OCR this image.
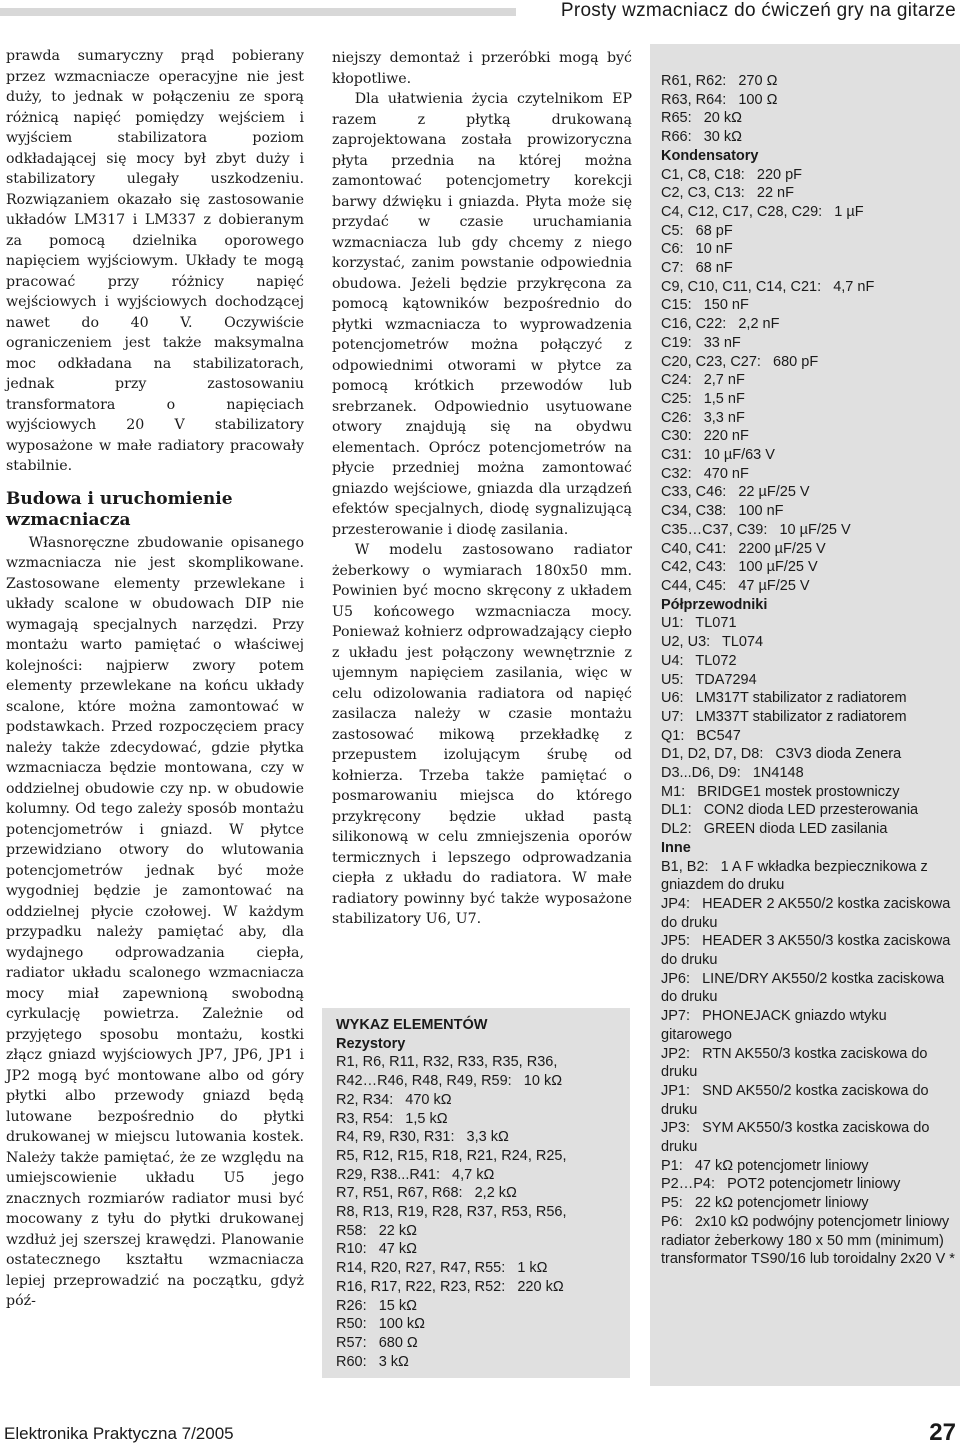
Prosty wzmacniacz do ćwiczeń gry na gitarze

prawda sumaryczny prąd pobierany przez wzmacniacze operacyjne nie jest duży, to jednak w połączeniu ze sporą różnicą napięć pomiędzy wejściem i wyjściem stabilizatora poziom odkładającej się mocy był zbyt duży i stabilizatory ulegały uszkodzeniu. Rozwiązaniem okazało się zastosowanie układów LM317 i LM337 z dobieranym za pomocą dzielnika oporowego napięciem wyjściowym. Układy te mogą pracować przy różnicy napięć wejściowych i wyjściowych dochodzącej nawet do 40 V. Oczywiście ograniczeniem jest także maksymalna moc odkładana na stabilizatorach, jednak przy zastosowaniu transformatora o napięciach wyjściowych 20 V stabilizatory wyposażone w małe radiatory pracowały stabilnie.

Budowa i uruchomienie wzmacniacza

Własnoręczne zbudowanie opisanego wzmacniacza nie jest skomplikowane. Zastosowane elementy przewlekane i układy scalone w obudowach DIP nie wymagają specjalnych narzędzi. Przy montażu warto pamiętać o właściwej kolejności: najpierw zwory potem elementy przewlekane na końcu układy scalone, które można zamontować w podstawkach. Przed rozpoczęciem pracy należy także zdecydować, gdzie płytka wzmacniacza będzie montowana, czy w oddzielnej obudowie czy np. w obudowie kolumny. Od tego zależy sposób montażu potencjometrów i gniazd. W płytce przewidziano otwory do wlutowania potencjometrów jednak być może wygodniej będzie je zamontować na oddzielnej płycie czołowej. W każdym przypadku należy pamiętać aby, dla wydajnego odprowadzania ciepła, radiator układu scalonego wzmacniacza mocy miał zapewnioną swobodną cyrkulację powietrza. Zależnie od przyjętego sposobu montażu, kostki złącz gniazd wyjściowych JP7, JP6, JP1 i JP2 mogą być montowane albo od góry płytki albo przewody gniazd będą lutowane bezpośrednio do płytki drukowanej w miejscu lutowania kostek. Należy także pamiętać, że ze względu na umiejscowienie układu U5 jego znacznych rozmiarów radiator musi być mocowany z tyłu do płytki drukowanej wzdłuż jej szerszej krawędzi. Planowanie ostatecznego kształtu wzmacniacza lepiej przeprowadzić na początku, gdyż póź-

niejszy demontaż i przeróbki mogą być kłopotliwe.

Dla ułatwienia życia czytelnikom EP razem z płytką drukowaną zaprojektowana została prowizoryczna płyta przednia na której można zamontować potencjometry korekcji barwy dźwięku i gniazda. Płyta może się przydać w czasie uruchamiania wzmacniacza lub gdy chcemy z niego korzystać, zanim powstanie odpowiednia obudowa. Jeżeli będzie przykręcona za pomocą kątowników bezpośrednio do płytki wzmacniacza to wyprowadzenia potencjometrów można połączyć z odpowiednimi otworami w płytce za pomocą krótkich przewodów lub srebrzanek. Odpowiednio usytuowane otwory znajdują się na obydwu elementach. Oprócz potencjometrów na płycie przedniej można zamontować gniazdo wejściowe, gniazda dla urządzeń efektów specjalnych, diodę sygnalizującą przesterowanie i diodę zasilania.

W modelu zastosowano radiator żeberkowy o wymiarach 180x50 mm. Powinien być mocno skręcony z układem U5 końcowego wzmacniacza mocy. Ponieważ kołnierz odprowadzający ciepło z układu jest połączony wewnętrznie z ujemnym napięciem zasilania, więc w celu odizolowania radiatora od napięć zasilacza należy w czasie montażu zastosować mikową przekładkę z przepustem izolującym śrubę od kołnierza. Trzeba także pamiętać o posmarowaniu miejsca do którego przykręcony będzie układ pastą silikonową w celu zmniejszenia oporów termicznych i lepszego odprowadzania ciepła z układu do radiatora. W małe radiatory powinny być także wyposażone stabilizatory U6, U7.

WYKAZ ELEMENTÓW
Rezystory
R1, R6, R11, R32, R33, R35, R36,
R42…R46, R48, R49, R59:   10 kΩ
R2, R34:   470 kΩ
R3, R54:   1,5 kΩ
R4, R9, R30, R31:   3,3 kΩ
R5, R12, R15, R18, R21, R24, R25,
R29, R38...R41:   4,7 kΩ
R7, R51, R67, R68:   2,2 kΩ
R8, R13, R19, R28, R37, R53, R56,
R58:   22 kΩ
R10:   47 kΩ
R14, R20, R27, R47, R55:   1 kΩ
R16, R17, R22, R23, R52:   220 kΩ
R26:   15 kΩ
R50:   100 kΩ
R57:   680 Ω
R60:   3 kΩ
R61, R62:   270 Ω
R63, R64:   100 Ω
R65:   20 kΩ
R66:   30 kΩ
Kondensatory
C1, C8, C18:   220 pF
C2, C3, C13:   22 nF
C4, C12, C17, C28, C29:   1 µF
C5:   68 pF
C6:   10 nF
C7:   68 nF
C9, C10, C11, C14, C21:   4,7 nF
C15:   150 nF
C16, C22:   2,2 nF
C19:   33 nF
C20, C23, C27:   680 pF
C24:   2,7 nF
C25:   1,5 nF
C26:   3,3 nF
C30:   220 nF
C31:   10 µF/63 V
C32:   470 nF
C33, C46:   22 µF/25 V
C34, C38:   100 nF
C35…C37, C39:   10 µF/25 V
C40, C41:   2200 µF/25 V
C42, C43:   100 µF/25 V
C44, C45:   47 µF/25 V
Półprzewodniki
U1:   TL071
U2, U3:   TL074
U4:   TL072
U5:   TDA7294
U6:   LM317T stabilizator z radiatorem
U7:   LM337T stabilizator z radiatorem
Q1:   BC547
D1, D2, D7, D8:   C3V3 dioda Zenera
D3...D6, D9:   1N4148
M1:   BRIDGE1 mostek prostowniczy
DL1:   CON2 dioda LED przesterowania
DL2:   GREEN dioda LED zasilania
Inne
B1, B2:   1 A F wkładka bezpiecznikowa z gniazdem do druku
JP4:   HEADER 2 AK550/2 kostka zaciskowa do druku
JP5:   HEADER 3 AK550/3 kostka zaciskowa do druku
JP6:   LINE/DRY AK550/2 kostka zaciskowa do druku
JP7:   PHONEJACK gniazdo wtyku gitarowego
JP2:   RTN AK550/3 kostka zaciskowa do druku
JP1:   SND AK550/2 kostka zaciskowa do druku
JP3:   SYM AK550/3 kostka zaciskowa do druku
P1:   47 kΩ potencjometr liniowy
P2…P4:   POT2 potencjometr liniowy
P5:   22 kΩ potencjometr liniowy
P6:   2x10 kΩ podwójny potencjometr liniowy
radiator żeberkowy 180 x 50 mm (minimum)
transformator TS90/16 lub toroidalny 2x20 V *
Elektronika Praktyczna 7/2005	27
